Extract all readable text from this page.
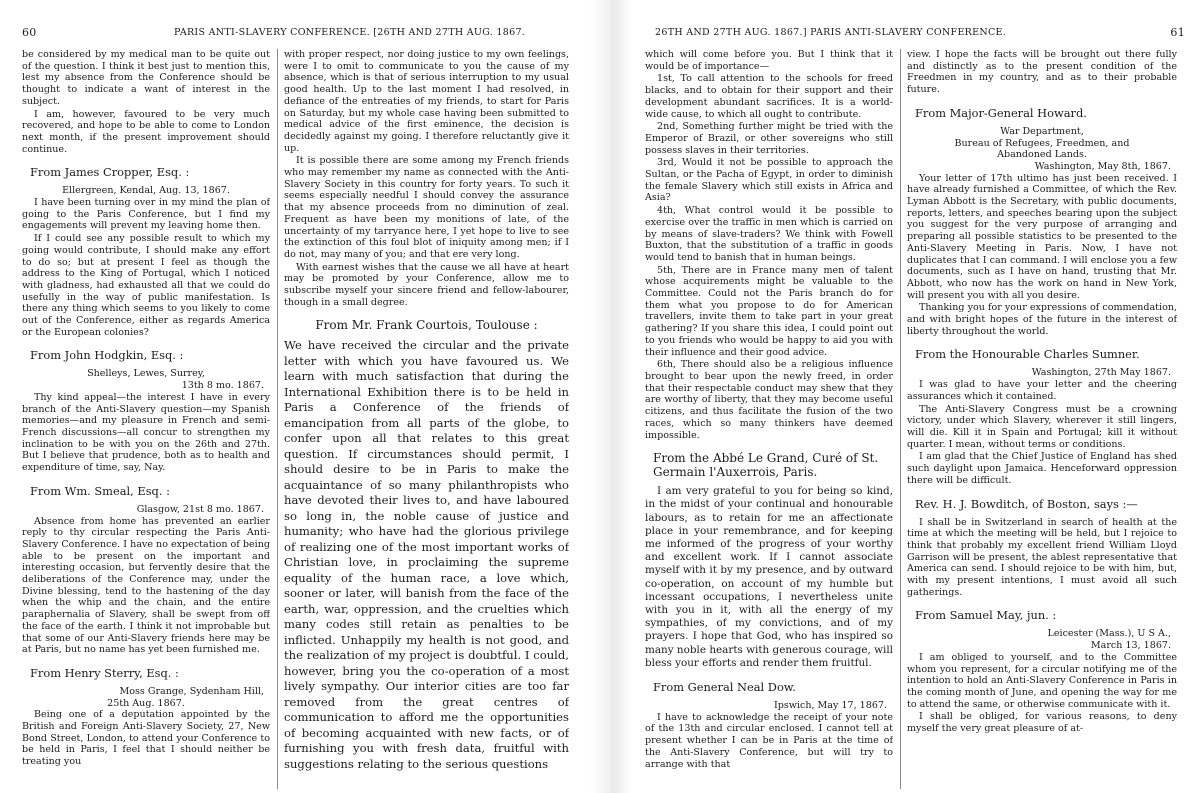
60	PARIS ANTI-SLAVERY CONFERENCE. [26TH AND 27TH AUG. 1867.

be considered by my medical man to be quite out of the question. I think it best just to mention this, lest my absence from the Conference should be thought to indicate a want of interest in the subject.

I am, however, favoured to be very much recovered, and hope to be able to come to London next month, if the present improvement should continue.

From James Cropper, Esq. :

Ellergreen, Kendal, Aug. 13, 1867.

I have been turning over in my mind the plan of going to the Paris Conference, but I find my engagements will prevent my leaving home then.

If I could see any possible result to which my going would contribute, I should make any effort to do so; but at present I feel as though the address to the King of Portugal, which I noticed with gladness, had exhausted all that we could do usefully in the way of public manifestation. Is there any thing which seems to you likely to come out of the Conference, either as regards America or the European colonies?

From John Hodgkin, Esq. :

Shelleys, Lewes, Surrey,

13th 8 mo. 1867.

Thy kind appeal—the interest I have in every branch of the Anti-Slavery question—my Spanish memories—and my pleasure in French and semi-French discussions—all concur to strengthen my inclination to be with you on the 26th and 27th. But I believe that prudence, both as to health and expenditure of time, say, Nay.

From Wm. Smeal, Esq. :

Glasgow, 21st 8 mo. 1867.

Absence from home has prevented an earlier reply to thy circular respecting the Paris Anti-Slavery Conference. I have no expectation of being able to be present on the important and interesting occasion, but fervently desire that the deliberations of the Conference may, under the Divine blessing, tend to the hastening of the day when the whip and the chain, and the entire paraphernalia of Slavery, shall be swept from off the face of the earth. I think it not improbable but that some of our Anti-Slavery friends here may be at Paris, but no name has yet been furnished me.

From Henry Sterry, Esq. :

Moss Grange, Sydenham Hill,

25th Aug. 1867.

Being one of a deputation appointed by the British and Foreign Anti-Slavery Society, 27, New Bond Street, London, to attend your Conference to be held in Paris, I feel that I should neither be treating you

with proper respect, nor doing justice to my own feelings, were I to omit to communicate to you the cause of my absence, which is that of serious interruption to my usual good health. Up to the last moment I had resolved, in defiance of the entreaties of my friends, to start for Paris on Saturday, but my whole case having been submitted to medical advice of the first eminence, the decision is decidedly against my going. I therefore reluctantly give it up.

It is possible there are some among my French friends who may remember my name as connected with the Anti-Slavery Society in this country for forty years. To such it seems especially needful I should convey the assurance that my absence proceeds from no diminution of zeal. Frequent as have been my monitions of late, of the uncertainty of my tarryance here, I yet hope to live to see the extinction of this foul blot of iniquity among men; if I do not, may many of you; and that ere very long.

With earnest wishes that the cause we all have at heart may be promoted by your Conference, allow me to subscribe myself your sincere friend and fellow-labourer, though in a small degree.

From Mr. Frank Courtois, Toulouse :

We have received the circular and the private letter with which you have favoured us. We learn with much satisfaction that during the International Exhibition there is to be held in Paris a Conference of the friends of emancipation from all parts of the globe, to confer upon all that relates to this great question. If circumstances should permit, I should desire to be in Paris to make the acquaintance of so many philanthropists who have devoted their lives to, and have laboured so long in, the noble cause of justice and humanity; who have had the glorious privilege of realizing one of the most important works of Christian love, in proclaiming the supreme equality of the human race, a love which, sooner or later, will banish from the face of the earth, war, oppression, and the cruelties which many codes still retain as penalties to be inflicted. Unhappily my health is not good, and the realization of my project is doubtful. I could, however, bring you the co-operation of a most lively sympathy. Our interior cities are too far removed from the great centres of communication to afford me the opportunities of becoming acquainted with new facts, or of furnishing you with fresh data, fruitful with suggestions relating to the serious questions

26TH AND 27TH AUG. 1867.] PARIS ANTI-SLAVERY CONFERENCE.	61

which will come before you. But I think that it would be of importance—

1st, To call attention to the schools for freed blacks, and to obtain for their support and their development abundant sacrifices. It is a world-wide cause, to which all ought to contribute.

2nd, Something further might be tried with the Emperor of Brazil, or other sovereigns who still possess slaves in their territories.

3rd, Would it not be possible to approach the Sultan, or the Pacha of Egypt, in order to diminish the female Slavery which still exists in Africa and Asia?

4th, What control would it be possible to exercise over the traffic in men which is carried on by means of slave-traders? We think with Fowell Buxton, that the substitution of a traffic in goods would tend to banish that in human beings.

5th, There are in France many men of talent whose acquirements might be valuable to the Committee. Could not the Paris branch do for them what you propose to do for American travellers, invite them to take part in your great gathering? If you share this idea, I could point out to you friends who would be happy to aid you with their influence and their good advice.

6th, There should also be a religious influence brought to bear upon the newly freed, in order that their respectable conduct may shew that they are worthy of liberty, that they may become useful citizens, and thus facilitate the fusion of the two races, which so many thinkers have deemed impossible.

From the Abbé Le Grand, Curé of St. Germain l'Auxerrois, Paris.

I am very grateful to you for being so kind, in the midst of your continual and honourable labours, as to retain for me an affectionate place in your remembrance, and for keeping me informed of the progress of your worthy and excellent work. If I cannot associate myself with it by my presence, and by outward co-operation, on account of my humble but incessant occupations, I nevertheless unite with you in it, with all the energy of my sympathies, of my convictions, and of my prayers. I hope that God, who has inspired so many noble hearts with generous courage, will bless your efforts and render them fruitful.

From General Neal Dow.

Ipswich, May 17, 1867.

I have to acknowledge the receipt of your note of the 13th and circular enclosed. I cannot tell at present whether I can be in Paris at the time of the Anti-Slavery Conference, but will try to arrange with that

view. I hope the facts will be brought out there fully and distinctly as to the present condition of the Freedmen in my country, and as to their probable future.

From Major-General Howard.

War Department,

Bureau of Refugees, Freedmen, and

Abandoned Lands.

Washington, May 8th, 1867.

Your letter of 17th ultimo has just been received. I have already furnished a Committee, of which the Rev. Lyman Abbott is the Secretary, with public documents, reports, letters, and speeches bearing upon the subject you suggest for the very purpose of arranging and preparing all possible statistics to be presented to the Anti-Slavery Meeting in Paris. Now, I have not duplicates that I can command. I will enclose you a few documents, such as I have on hand, trusting that Mr. Abbott, who now has the work on hand in New York, will present you with all you desire.

Thanking you for your expressions of commendation, and with bright hopes of the future in the interest of liberty throughout the world.

From the Honourable Charles Sumner.

Washington, 27th May 1867.

I was glad to have your letter and the cheering assurances which it contained.

The Anti-Slavery Congress must be a crowning victory, under which Slavery, wherever it still lingers, will die. Kill it in Spain and Portugal; kill it without quarter. I mean, without terms or conditions.

I am glad that the Chief Justice of England has shed such daylight upon Jamaica. Henceforward oppression there will be difficult.

Rev. H. J. Bowditch, of Boston, says :—

I shall be in Switzerland in search of health at the time at which the meeting will be held, but I rejoice to think that probably my excellent friend William Lloyd Garrison will be present, the ablest representative that America can send. I should rejoice to be with him, but, with my present intentions, I must avoid all such gatherings.

From Samuel May, jun. :

Leicester (Mass.), U S A.,

March 13, 1867.

I am obliged to yourself, and to the Committee whom you represent, for a circular notifying me of the intention to hold an Anti-Slavery Conference in Paris in the coming month of June, and opening the way for me to attend the same, or otherwise communicate with it.

I shall be obliged, for various reasons, to deny myself the very great pleasure of at-
